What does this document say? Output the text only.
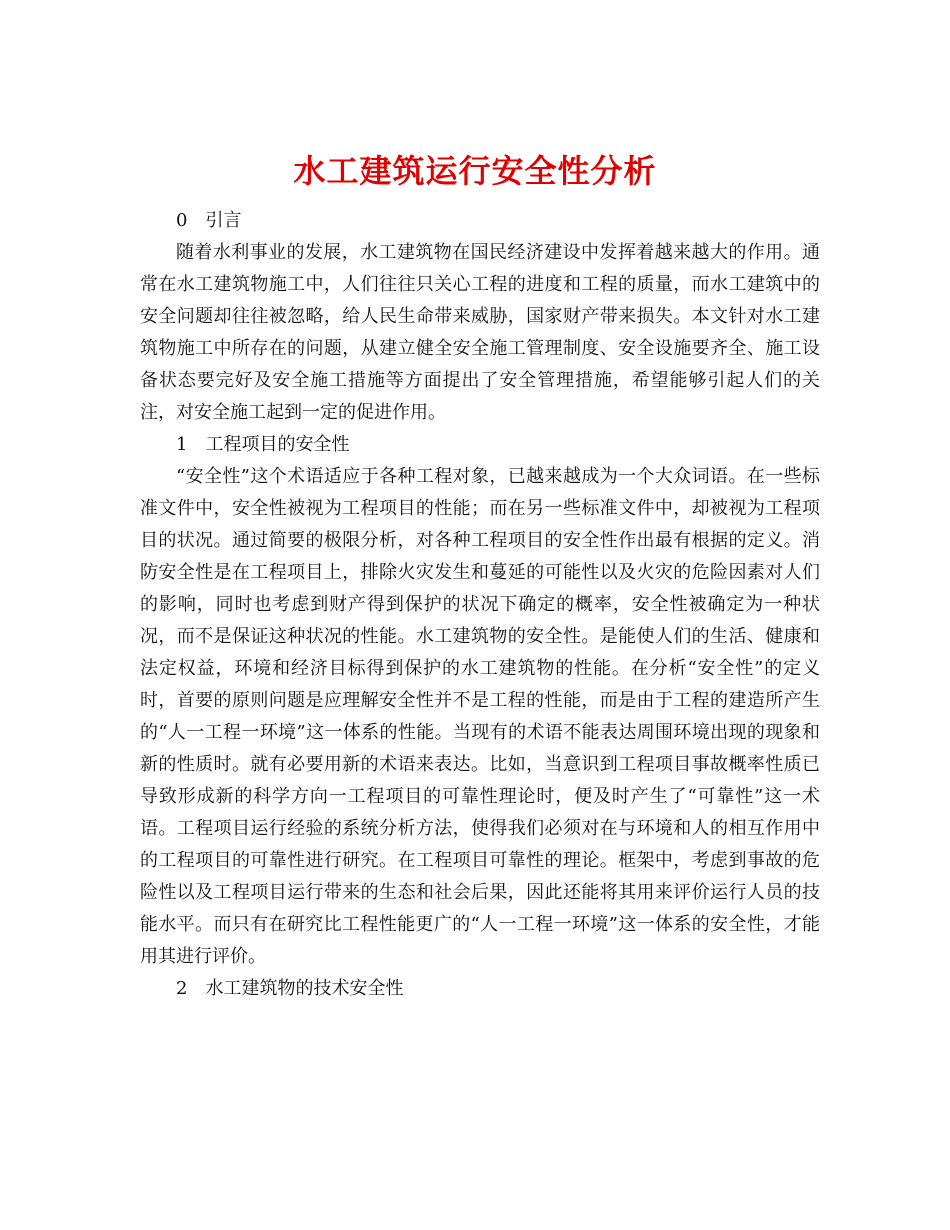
水工建筑运行安全性分析

0　引言

随着水利事业的发展，水工建筑物在国民经济建设中发挥着越来越大的作用。通常在水工建筑物施工中，人们往往只关心工程的进度和工程的质量，而水工建筑中的安全问题却往往被忽略，给人民生命带来威胁，国家财产带来损失。本文针对水工建筑物施工中所存在的问题，从建立健全安全施工管理制度、安全设施要齐全、施工设备状态要完好及安全施工措施等方面提出了安全管理措施，希望能够引起人们的关注，对安全施工起到一定的促进作用。

1　工程项目的安全性

“安全性”这个术语适应于各种工程对象，已越来越成为一个大众词语。在一些标准文件中，安全性被视为工程项目的性能；而在另一些标准文件中，却被视为工程项目的状况。通过简要的极限分析，对各种工程项目的安全性作出最有根据的定义。消防安全性是在工程项目上，排除火灾发生和蔓延的可能性以及火灾的危险因素对人们的影响，同时也考虑到财产得到保护的状况下确定的概率，安全性被确定为一种状况，而不是保证这种状况的性能。水工建筑物的安全性。是能使人们的生活、健康和法定权益，环境和经济目标得到保护的水工建筑物的性能。在分析“安全性”的定义时，首要的原则问题是应理解安全性并不是工程的性能，而是由于工程的建造所产生的“人一工程一环境”这一体系的性能。当现有的术语不能表达周围环境出现的现象和新的性质时。就有必要用新的术语来表达。比如，当意识到工程项目事故概率性质已导致形成新的科学方向一工程项目的可靠性理论时，便及时产生了“可靠性”这一术语。工程项目运行经验的系统分析方法，使得我们必须对在与环境和人的相互作用中的工程项目的可靠性进行研究。在工程项目可靠性的理论。框架中，考虑到事故的危险性以及工程项目运行带来的生态和社会后果，因此还能将其用来评价运行人员的技能水平。而只有在研究比工程性能更广的“人一工程一环境”这一体系的安全性，才能用其进行评价。

2　水工建筑物的技术安全性
